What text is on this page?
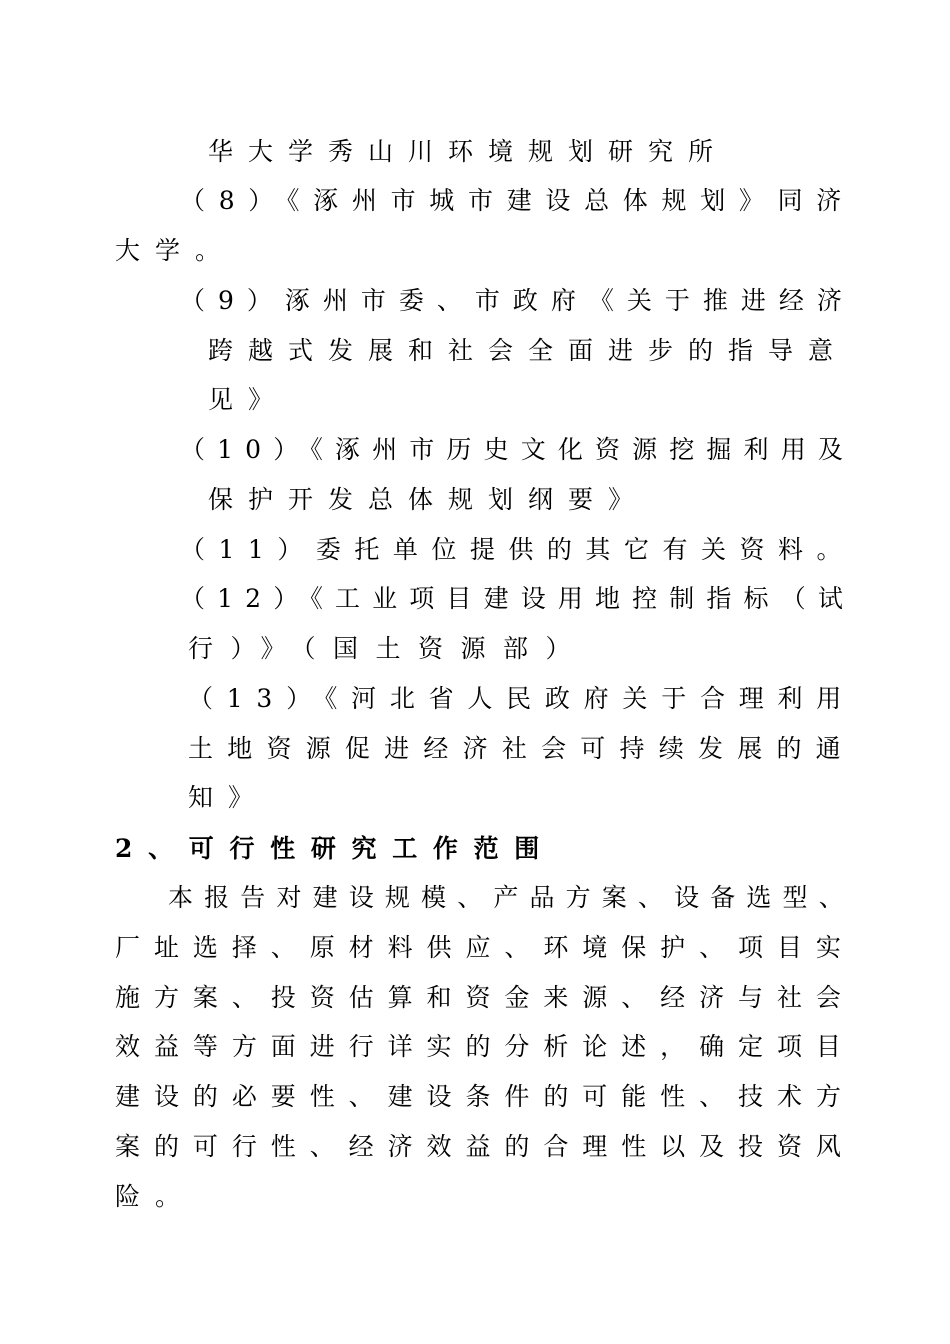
华大学秀山川环境规划研究所
（8）《涿州市城市建设总体规划》同济
大学。
（9）涿州市委、市政府《关于推进经济
跨越式发展和社会全面进步的指导意
见》
（10）《涿州市历史文化资源挖掘利用及
保护开发总体规划纲要》
（11）委托单位提供的其它有关资料。
（12）《工业项目建设用地控制指标（试
行）》（国土资源部）
（13）《河北省人民政府关于合理利用
土地资源促进经济社会可持续发展的通
知》
2、可行性研究工作范围
本报告对建设规模、产品方案、设备选型、
厂址选择、原材料供应、环境保护、项目实
施方案、投资估算和资金来源、经济与社会
效益等方面进行详实的分析论述，确定项目
建设的必要性、建设条件的可能性、技术方
案的可行性、经济效益的合理性以及投资风
险。
